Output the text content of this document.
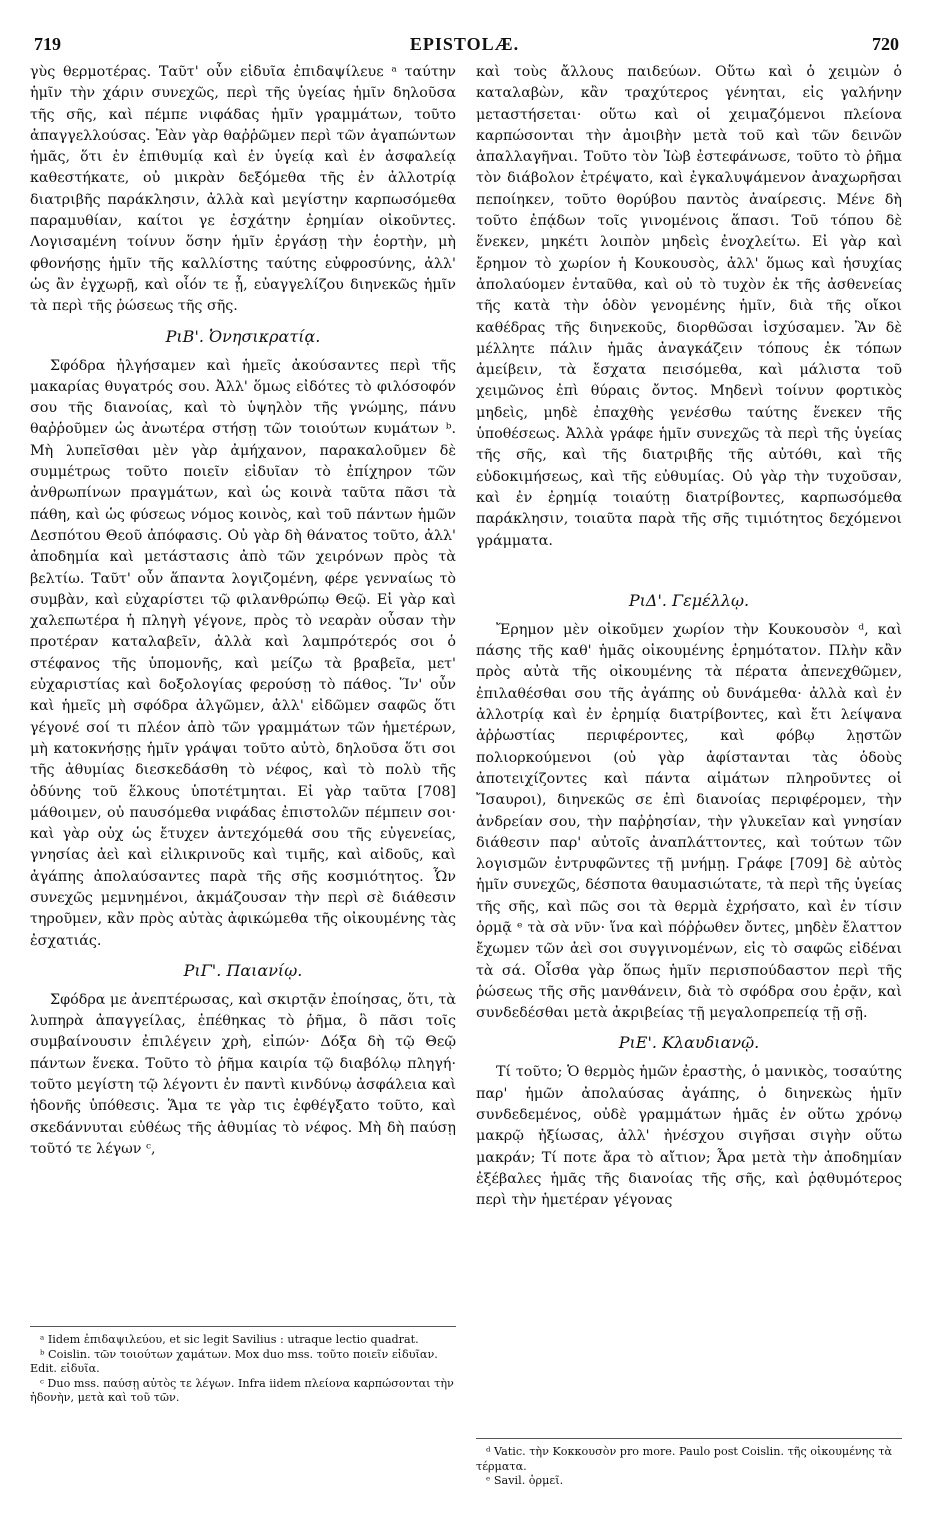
719	EPISTOLÆ.	720

γὺς θερμοτέρας. Ταῦτ' οὖν εἰδυῖα ἐπιδαψίλευε ᵃ ταύτην ἡμῖν τὴν χάριν συνεχῶς, περὶ τῆς ὑγείας ἡμῖν δηλοῦσα τῆς σῆς, καὶ πέμπε νιφάδας ἡμῖν γραμμάτων, τοῦτο ἀπαγγελλούσας. Ἐὰν γὰρ θαῤῥῶμεν περὶ τῶν ἀγαπώντων ἡμᾶς, ὅτι ἐν ἐπιθυμίᾳ καὶ ἐν ὑγείᾳ καὶ ἐν ἀσφαλείᾳ καθεστήκατε, οὐ μικρὰν δεξόμεθα τῆς ἐν ἀλλοτρίᾳ διατριβῆς παράκλησιν, ἀλλὰ καὶ μεγίστην καρπωσόμεθα παραμυθίαν, καίτοι γε ἐσχάτην ἐρημίαν οἰκοῦντες. Λογισαμένη τοίνυν ὅσην ἡμῖν ἐργάσῃ τὴν ἑορτὴν, μὴ φθονήσῃς ἡμῖν τῆς καλλίστης ταύτης εὐφροσύνης, ἀλλ' ὡς ἂν ἐγχωρῇ, καὶ οἷόν τε ᾖ, εὐαγγελίζου διηνεκῶς ἡμῖν τὰ περὶ τῆς ῥώσεως τῆς σῆς.

ΡιΒ'. Ὀνησικρατίᾳ.

Σφόδρα ἠλγήσαμεν καὶ ἡμεῖς ἀκούσαντες περὶ τῆς μακαρίας θυγατρός σου. Ἀλλ' ὅμως εἰδότες τὸ φιλόσοφόν σου τῆς διανοίας, καὶ τὸ ὑψηλὸν τῆς γνώμης, πάνυ θαῤῥοῦμεν ὡς ἀνωτέρα στήσῃ τῶν τοιούτων κυμάτων ᵇ. Μὴ λυπεῖσθαι μὲν γὰρ ἀμήχανον, παρακαλοῦμεν δὲ συμμέτρως τοῦτο ποιεῖν εἰδυῖαν τὸ ἐπίχηρον τῶν ἀνθρωπίνων πραγμάτων, καὶ ὡς κοινὰ ταῦτα πᾶσι τὰ πάθη, καὶ ὡς φύσεως νόμος κοινὸς, καὶ τοῦ πάντων ἡμῶν Δεσπότου Θεοῦ ἀπόφασις. Οὐ γὰρ δὴ θάνατος τοῦτο, ἀλλ' ἀποδημία καὶ μετάστασις ἀπὸ τῶν χειρόνων πρὸς τὰ βελτίω. Ταῦτ' οὖν ἅπαντα λογιζομένη, φέρε γενναίως τὸ συμβὰν, καὶ εὐχαρίστει τῷ φιλανθρώπῳ Θεῷ. Εἰ γὰρ καὶ χαλεπωτέρα ἡ πληγὴ γέγονε, πρὸς τὸ νεαρὰν οὖσαν τὴν προτέραν καταλαβεῖν, ἀλλὰ καὶ λαμπρότερός σοι ὁ στέφανος τῆς ὑπομονῆς, καὶ μείζω τὰ βραβεῖα, μετ' εὐχαριστίας καὶ δοξολογίας φερούσῃ τὸ πάθος. Ἵν' οὖν καὶ ἡμεῖς μὴ σφόδρα ἀλγῶμεν, ἀλλ' εἰδῶμεν σαφῶς ὅτι γέγονέ σοί τι πλέον ἀπὸ τῶν γραμμάτων τῶν ἡμετέρων, μὴ κατοκνήσῃς ἡμῖν γράψαι τοῦτο αὐτὸ, δηλοῦσα ὅτι σοι τῆς ἀθυμίας διεσκεδάσθη τὸ νέφος, καὶ τὸ πολὺ τῆς ὀδύνης τοῦ ἕλκους ὑποτέτμηται. Εἰ γὰρ ταῦτα [708] μάθοιμεν, οὐ παυσόμεθα νιφάδας ἐπιστολῶν πέμπειν σοι· καὶ γὰρ οὐχ ὡς ἔτυχεν ἀντεχόμεθά σου τῆς εὐγενείας, γνησίας ἀεὶ καὶ εἰλικρινοῦς καὶ τιμῆς, καὶ αἰδοῦς, καὶ ἀγάπης ἀπολαύσαντες παρὰ τῆς σῆς κοσμιότητος. Ὧν συνεχῶς μεμνημένοι, ἀκμάζουσαν τὴν περὶ σὲ διάθεσιν τηροῦμεν, κἂν πρὸς αὐτὰς ἀφικώμεθα τῆς οἰκουμένης τὰς ἐσχατιάς.

ΡιΓ'. Παιανίῳ.

Σφόδρα με ἀνεπτέρωσας, καὶ σκιρτᾷν ἐποίησας, ὅτι, τὰ λυπηρὰ ἀπαγγείλας, ἐπέθηκας τὸ ῥῆμα, ὃ πᾶσι τοῖς συμβαίνουσιν ἐπιλέγειν χρὴ, εἰπών· Δόξα δὴ τῷ Θεῷ πάντων ἕνεκα. Τοῦτο τὸ ῥῆμα καιρία τῷ διαβόλῳ πληγή· τοῦτο μεγίστη τῷ λέγοντι ἐν παντὶ κινδύνῳ ἀσφάλεια καὶ ἡδονῆς ὑπόθεσις. Ἅμα τε γὰρ τις ἐφθέγξατο τοῦτο, καὶ σκεδάννυται εὐθέως τῆς ἀθυμίας τὸ νέφος. Μὴ δὴ παύσῃ τοῦτό τε λέγων ᶜ,

καὶ τοὺς ἄλλους παιδεύων. Οὕτω καὶ ὁ χειμὼν ὁ καταλαβὼν, κἂν τραχύτερος γένηται, εἰς γαλήνην μεταστήσεται· οὕτω καὶ οἱ χειμαζόμενοι πλείονα καρπώσονται τὴν ἀμοιβὴν μετὰ τοῦ καὶ τῶν δεινῶν ἀπαλλαγῆναι. Τοῦτο τὸν Ἰὼβ ἐστεφάνωσε, τοῦτο τὸ ῥῆμα τὸν διάβολον ἐτρέψατο, καὶ ἐγκαλυψάμενον ἀναχωρῆσαι πεποίηκεν, τοῦτο θορύβου παντὸς ἀναίρεσις. Μένε δὴ τοῦτο ἐπᾴδων τοῖς γινομένοις ἅπασι. Τοῦ τόπου δὲ ἕνεκεν, μηκέτι λοιπὸν μηδεὶς ἐνοχλείτω. Εἰ γὰρ καὶ ἔρημον τὸ χωρίον ἡ Κουκουσὸς, ἀλλ' ὅμως καὶ ἡσυχίας ἀπολαύομεν ἐνταῦθα, καὶ οὐ τὸ τυχὸν ἐκ τῆς ἀσθενείας τῆς κατὰ τὴν ὁδὸν γενομένης ἡμῖν, διὰ τῆς οἴκοι καθέδρας τῆς διηνεκοῦς, διορθῶσαι ἰσχύσαμεν. Ἂν δὲ μέλλητε πάλιν ἡμᾶς ἀναγκάζειν τόπους ἐκ τόπων ἀμείβειν, τὰ ἔσχατα πεισόμεθα, καὶ μάλιστα τοῦ χειμῶνος ἐπὶ θύραις ὄντος. Μηδενὶ τοίνυν φορτικὸς μηδεὶς, μηδὲ ἐπαχθὴς γενέσθω ταύτης ἕνεκεν τῆς ὑποθέσεως. Ἀλλὰ γράφε ἡμῖν συνεχῶς τὰ περὶ τῆς ὑγείας τῆς σῆς, καὶ τῆς διατριβῆς τῆς αὐτόθι, καὶ τῆς εὐδοκιμήσεως, καὶ τῆς εὐθυμίας. Οὐ γὰρ τὴν τυχοῦσαν, καὶ ἐν ἐρημίᾳ τοιαύτῃ διατρίβοντες, καρπωσόμεθα παράκλησιν, τοιαῦτα παρὰ τῆς σῆς τιμιότητος δεχόμενοι γράμματα.

ΡιΔ'. Γεμέλλῳ.

Ἔρημον μὲν οἰκοῦμεν χωρίον τὴν Κουκουσὸν ᵈ, καὶ πάσης τῆς καθ' ἡμᾶς οἰκουμένης ἐρημότατον. Πλὴν κἂν πρὸς αὐτὰ τῆς οἰκουμένης τὰ πέρατα ἀπενεχθῶμεν, ἐπιλαθέσθαι σου τῆς ἀγάπης οὐ δυνάμεθα· ἀλλὰ καὶ ἐν ἀλλοτρίᾳ καὶ ἐν ἐρημίᾳ διατρίβοντες, καὶ ἔτι λείψανα ἀῤῥωστίας περιφέροντες, καὶ φόβῳ λῃστῶν πολιορκούμενοι (οὐ γὰρ ἀφίστανται τὰς ὁδοὺς ἀποτειχίζοντες καὶ πάντα αἱμάτων πληροῦντες οἱ Ἴσαυροι), διηνεκῶς σε ἐπὶ διανοίας περιφέρομεν, τὴν ἀνδρείαν σου, τὴν παῤῥησίαν, τὴν γλυκεῖαν καὶ γνησίαν διάθεσιν παρ' αὐτοῖς ἀναπλάττοντες, καὶ τούτων τῶν λογισμῶν ἐντρυφῶντες τῇ μνήμῃ. Γράφε [709] δὲ αὐτὸς ἡμῖν συνεχῶς, δέσποτα θαυμασιώτατε, τὰ περὶ τῆς ὑγείας τῆς σῆς, καὶ πῶς σοι τὰ θερμὰ ἐχρήσατο, καὶ ἐν τίσιν ὁρμᾷ ᵉ τὰ σὰ νῦν· ἵνα καὶ πόῤῥωθεν ὄντες, μηδὲν ἔλαττον ἔχωμεν τῶν ἀεὶ σοι συγγινομένων, εἰς τὸ σαφῶς εἰδέναι τὰ σά. Οἶσθα γὰρ ὅπως ἡμῖν περισπούδαστον περὶ τῆς ῥώσεως τῆς σῆς μανθάνειν, διὰ τὸ σφόδρα σου ἐρᾷν, καὶ συνδεδέσθαι μετὰ ἀκριβείας τῇ μεγαλοπρεπείᾳ τῇ σῇ.

ΡιΕ'. Κλαυδιανῷ.

Τί τοῦτο; Ὁ θερμὸς ἡμῶν ἐραστὴς, ὁ μανικὸς, τοσαύτης παρ' ἡμῶν ἀπολαύσας ἀγάπης, ὁ διηνεκὼς ἡμῖν συνδεδεμένος, οὐδὲ γραμμάτων ἡμᾶς ἐν οὕτω χρόνῳ μακρῷ ἠξίωσας, ἀλλ' ἠνέσχου σιγῆσαι σιγὴν οὕτω μακράν; Τί ποτε ἄρα τὸ αἴτιον; Ἆρα μετὰ τὴν ἀποδημίαν ἐξέβαλες ἡμᾶς τῆς διανοίας τῆς σῆς, καὶ ῥᾳθυμότερος περὶ τὴν ἡμετέραν γέγονας

ᵃ Iidem ἐπιδαψιλεύου, et sic legit Savilius : utraque lectio quadrat.
ᵇ Coislin. τῶν τοιούτων χαμάτων. Mox duo mss. τοῦτο ποιεῖν εἰδυῖαν. Edit. εἰδυῖα.
ᶜ Duo mss. παύσῃ αὐτὸς τε λέγων. Infra iidem πλείονα καρπώσονται τὴν ἡδονὴν, μετὰ καὶ τοῦ τῶν.
ᵈ Vatic. τὴν Κοκκουσὸν pro more. Paulo post Coislin. τῆς οἰκουμένης τὰ τέρματα.
ᵉ Savil. ὁρμεῖ.
